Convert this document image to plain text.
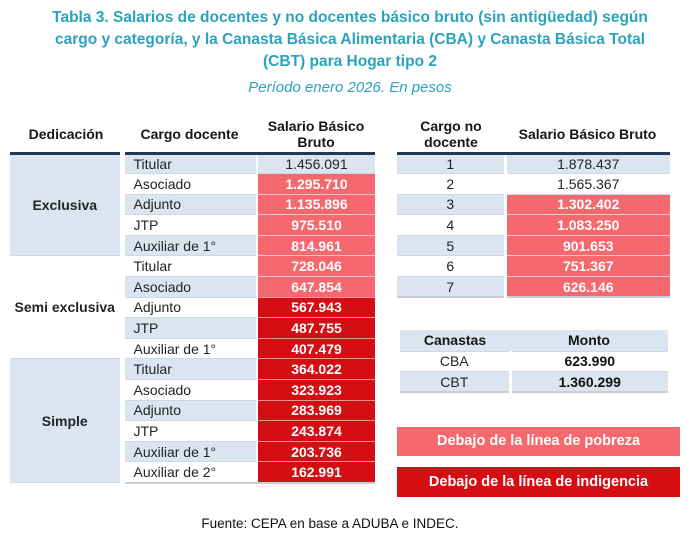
Tabla 3. Salarios de docentes y no docentes básico bruto (sin antigüedad) según
cargo y categoría, y la Canasta Básica Alimentaria (CBA) y Canasta Básica Total
(CBT) para Hogar tipo 2
Período enero 2026. En pesos
Dedicación	Cargo docente	Salario Básico Bruto
Exclusiva	Titular	1.456.091
	Asociado	1.295.710
	Adjunto	1.135.896
	JTP	975.510
	Auxiliar de 1°	814.961
Semi exclusiva	Titular	728.046
	Asociado	647.854
	Adjunto	567.943
	JTP	487.755
	Auxiliar de 1°	407.479
Simple	Titular	364.022
	Asociado	323.923
	Adjunto	283.969
	JTP	243.874
	Auxiliar de 1°	203.736
	Auxiliar de 2°	162.991
Cargo no docente	Salario Básico Bruto
1	1.878.437
2	1.565.367
3	1.302.402
4	1.083.250
5	901.653
6	751.367
7	626.146
Canastas	Monto
CBA	623.990
CBT	1.360.299
Debajo de la línea de pobreza
Debajo de la línea de indigencia
Fuente: CEPA en base a ADUBA e INDEC.
